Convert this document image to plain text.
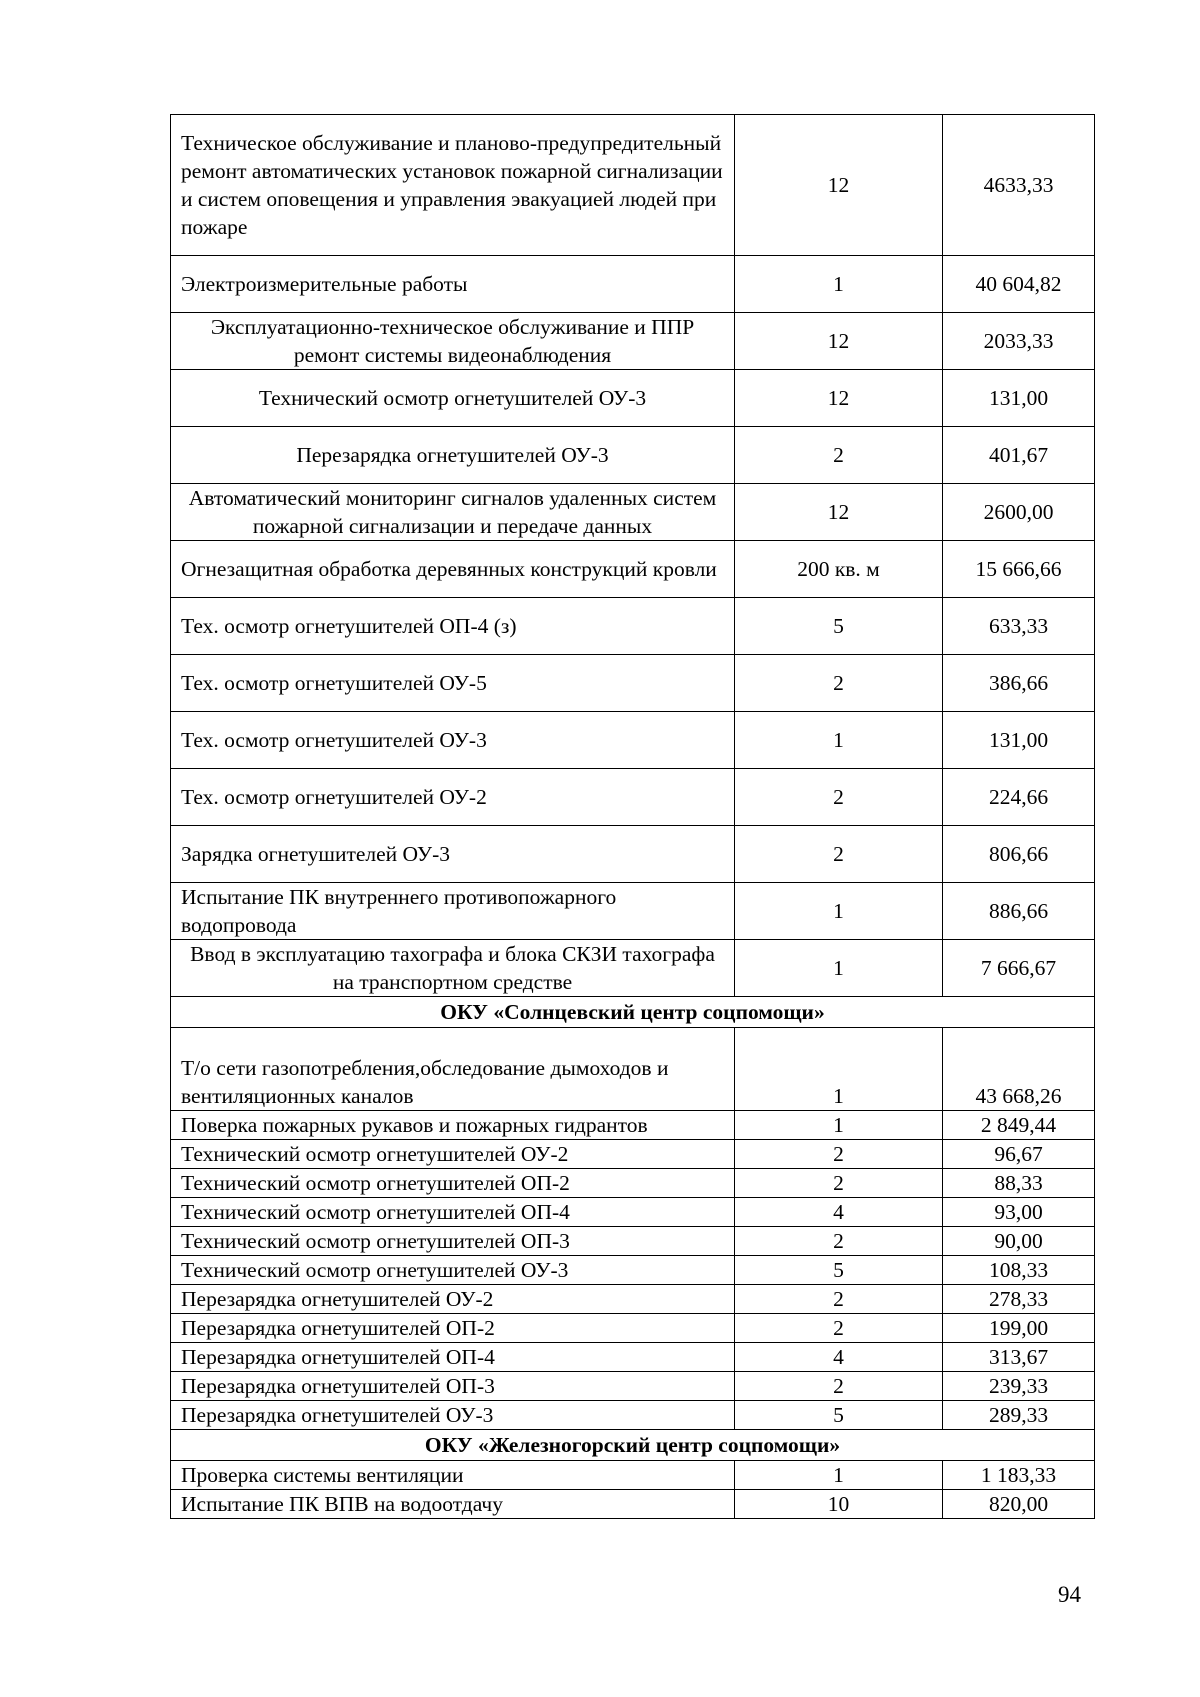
Техническое обслуживание и планово-предупредительный ремонт автоматических установок пожарной сигнализации и систем оповещения и управления эвакуацией людей при пожаре	12	4633,33
Электроизмерительные работы	1	40 604,82
Эксплуатационно-техническое обслуживание и ППР ремонт системы видеонаблюдения	12	2033,33
Технический осмотр огнетушителей ОУ-3	12	131,00
Перезарядка огнетушителей ОУ-3	2	401,67
Автоматический мониторинг сигналов удаленных систем пожарной сигнализации и передаче данных	12	2600,00
Огнезащитная обработка деревянных конструкций кровли	200 кв. м	15 666,66
Тех. осмотр огнетушителей ОП-4 (з)	5	633,33
Тех. осмотр огнетушителей ОУ-5	2	386,66
Тех. осмотр огнетушителей ОУ-3	1	131,00
Тех. осмотр огнетушителей ОУ-2	2	224,66
Зарядка огнетушителей ОУ-3	2	806,66
Испытание ПК внутреннего противопожарного водопровода	1	886,66
Ввод в эксплуатацию тахографа и блока СКЗИ тахографа на транспортном средстве	1	7 666,67
ОКУ «Солнцевский центр соцпомощи»		
Т/о сети газопотребления,обследование дымоходов и вентиляционных каналов	1	43 668,26
Поверка пожарных рукавов и пожарных гидрантов	1	2 849,44
Технический осмотр огнетушителей ОУ-2	2	96,67
Технический осмотр огнетушителей ОП-2	2	88,33
Технический осмотр огнетушителей ОП-4	4	93,00
Технический осмотр огнетушителей ОП-3	2	90,00
Технический осмотр огнетушителей ОУ-3	5	108,33
Перезарядка огнетушителей ОУ-2	2	278,33
Перезарядка огнетушителей ОП-2	2	199,00
Перезарядка огнетушителей ОП-4	4	313,67
Перезарядка огнетушителей ОП-3	2	239,33
Перезарядка огнетушителей ОУ-3	5	289,33
ОКУ «Железногорский центр соцпомощи»		
Проверка системы вентиляции	1	1 183,33
Испытание ПК ВПВ на водоотдачу	10	820,00
94
